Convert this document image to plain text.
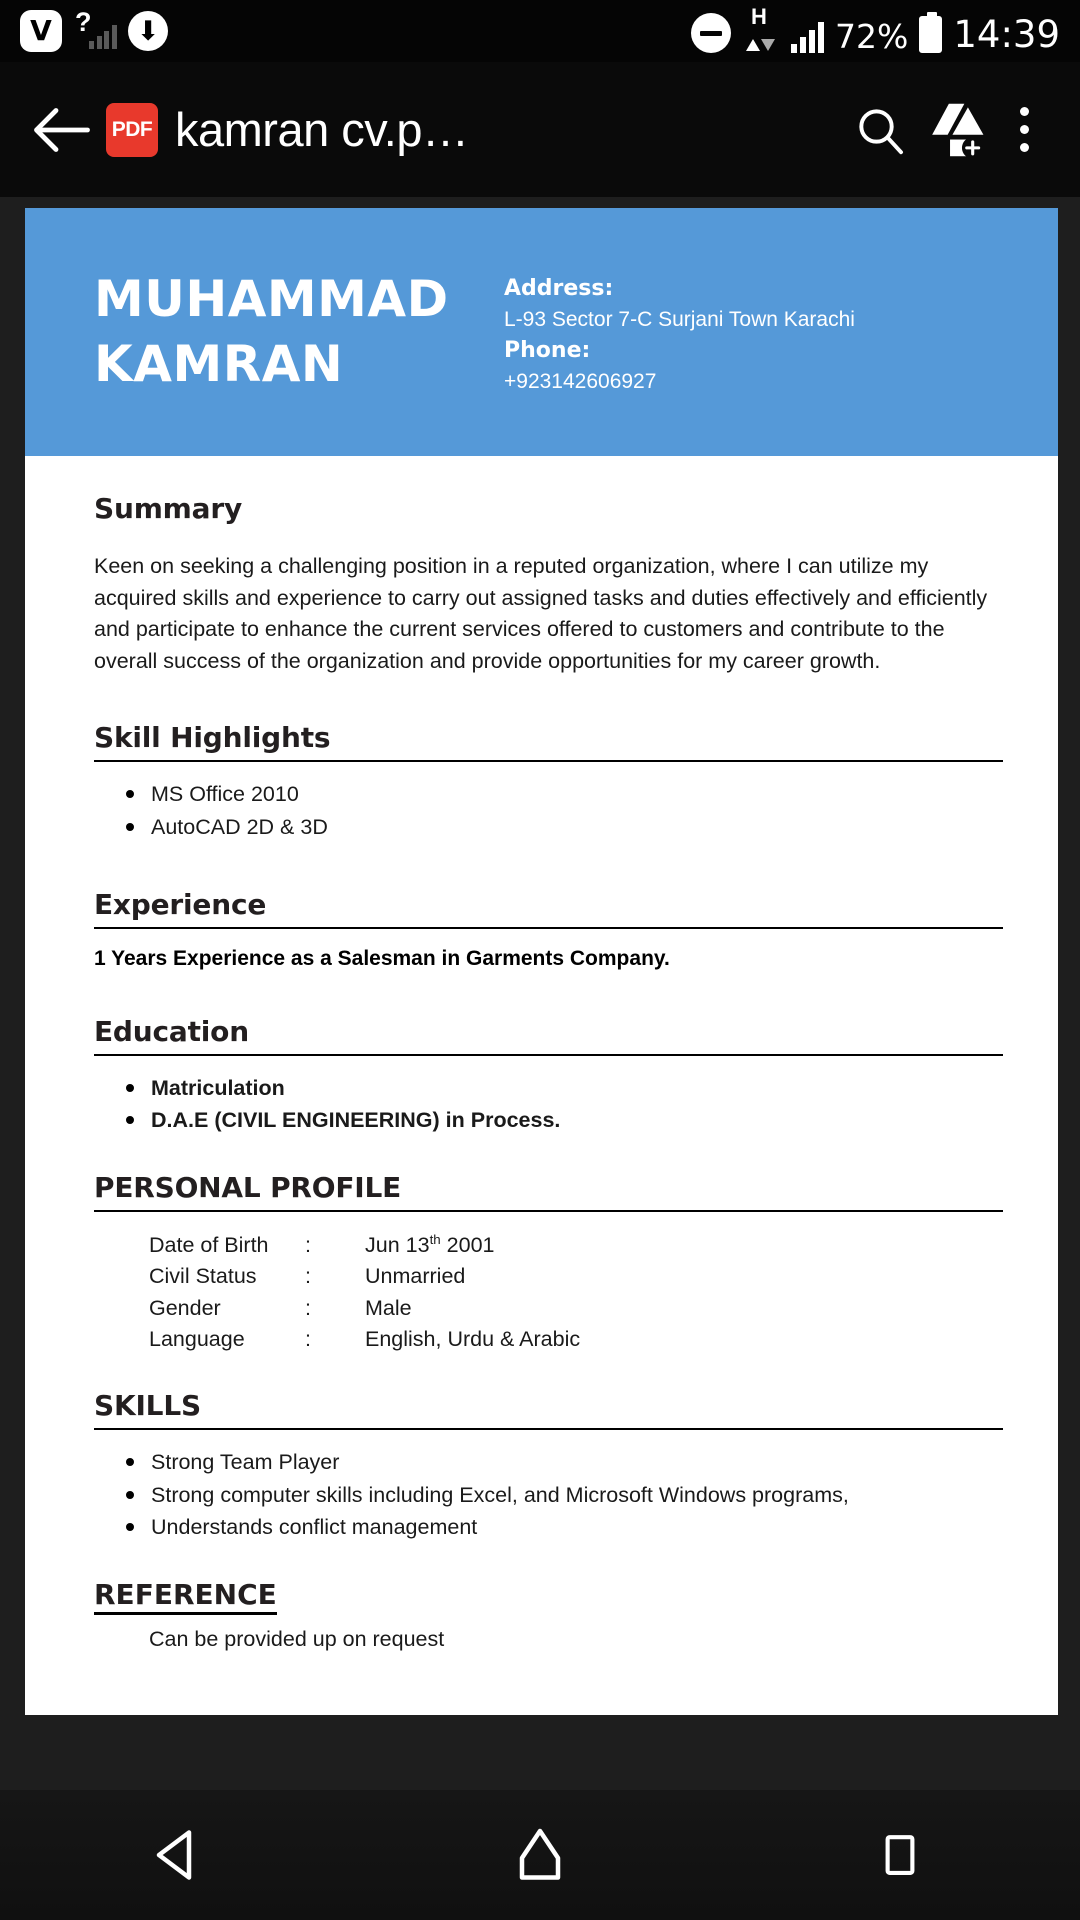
V ?	⬇	H
72% 14:39
PDF kamran cv.p…
MUHAMMAD
KAMRAN
Address:
L-93 Sector 7-C Surjani Town Karachi
Phone:
+923142606927
Summary

Keen on seeking a challenging position in a reputed organization, where I can utilize my acquired skills and experience to carry out assigned tasks and duties effectively and efficiently and participate to enhance the current services offered to customers and contribute to the overall success of the organization and provide opportunities for my career growth.

Skill Highlights
MS Office 2010
AutoCAD 2D & 3D
Experience
1 Years Experience as a Salesman in Garments Company.
Education
Matriculation
D.A.E (CIVIL ENGINEERING) in Process.
PERSONAL PROFILE
Date of Birth	:	Jun 13th 2001
Civil Status	:	Unmarried
Gender	:	Male
Language	:	English, Urdu & Arabic
SKILLS
Strong Team Player
Strong computer skills including Excel, and Microsoft Windows programs,
Understands conflict management
REFERENCE
Can be provided up on request
